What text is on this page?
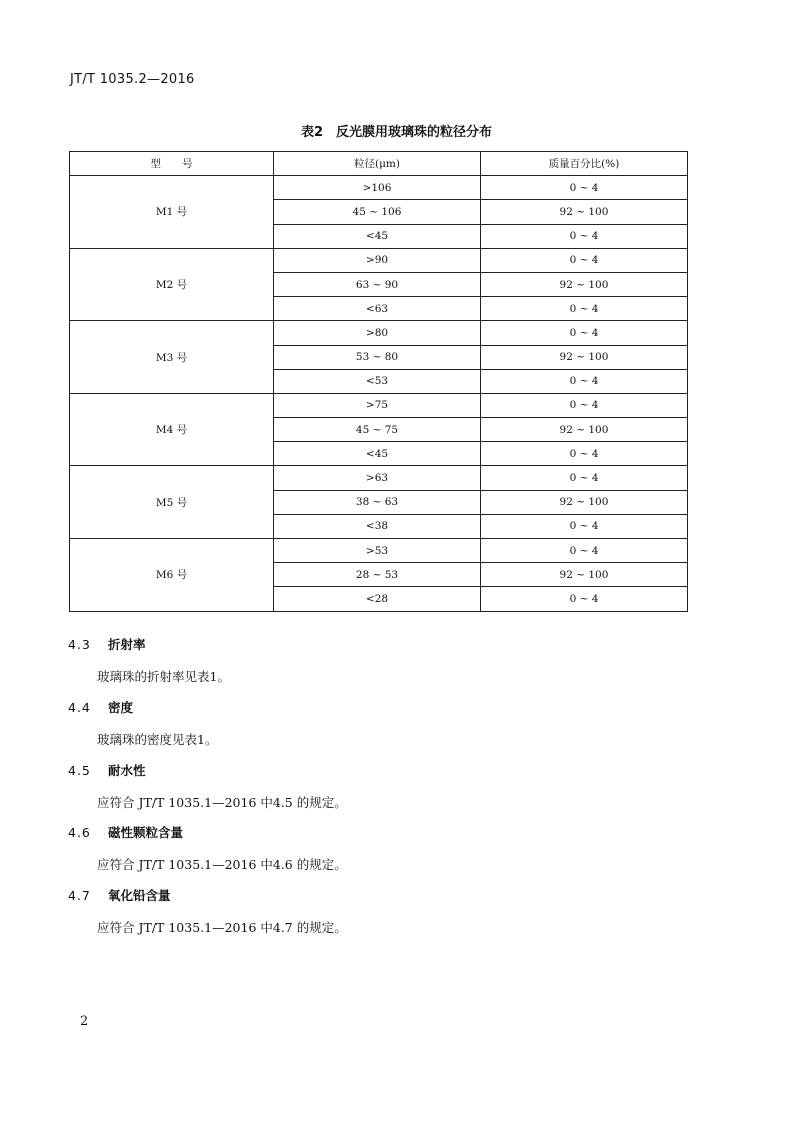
JT/T 1035.2—2016
表2　反光膜用玻璃珠的粒径分布
型　　号	粒径(μm)	质量百分比(%)
M1 号	>106	0 ~ 4
	45 ~ 106	92 ~ 100
	<45	0 ~ 4
M2 号	>90	0 ~ 4
	63 ~ 90	92 ~ 100
	<63	0 ~ 4
M3 号	>80	0 ~ 4
	53 ~ 80	92 ~ 100
	<53	0 ~ 4
M4 号	>75	0 ~ 4
	45 ~ 75	92 ~ 100
	<45	0 ~ 4
M5 号	>63	0 ~ 4
	38 ~ 63	92 ~ 100
	<38	0 ~ 4
M6 号	>53	0 ~ 4
	28 ~ 53	92 ~ 100
	<28	0 ~ 4
4.3 折射率
玻璃珠的折射率见表1。
4.4 密度
玻璃珠的密度见表1。
4.5 耐水性
应符合 JT/T 1035.1—2016 中4.5 的规定。
4.6 磁性颗粒含量
应符合 JT/T 1035.1—2016 中4.6 的规定。
4.7 氧化铅含量
应符合 JT/T 1035.1—2016 中4.7 的规定。
2
